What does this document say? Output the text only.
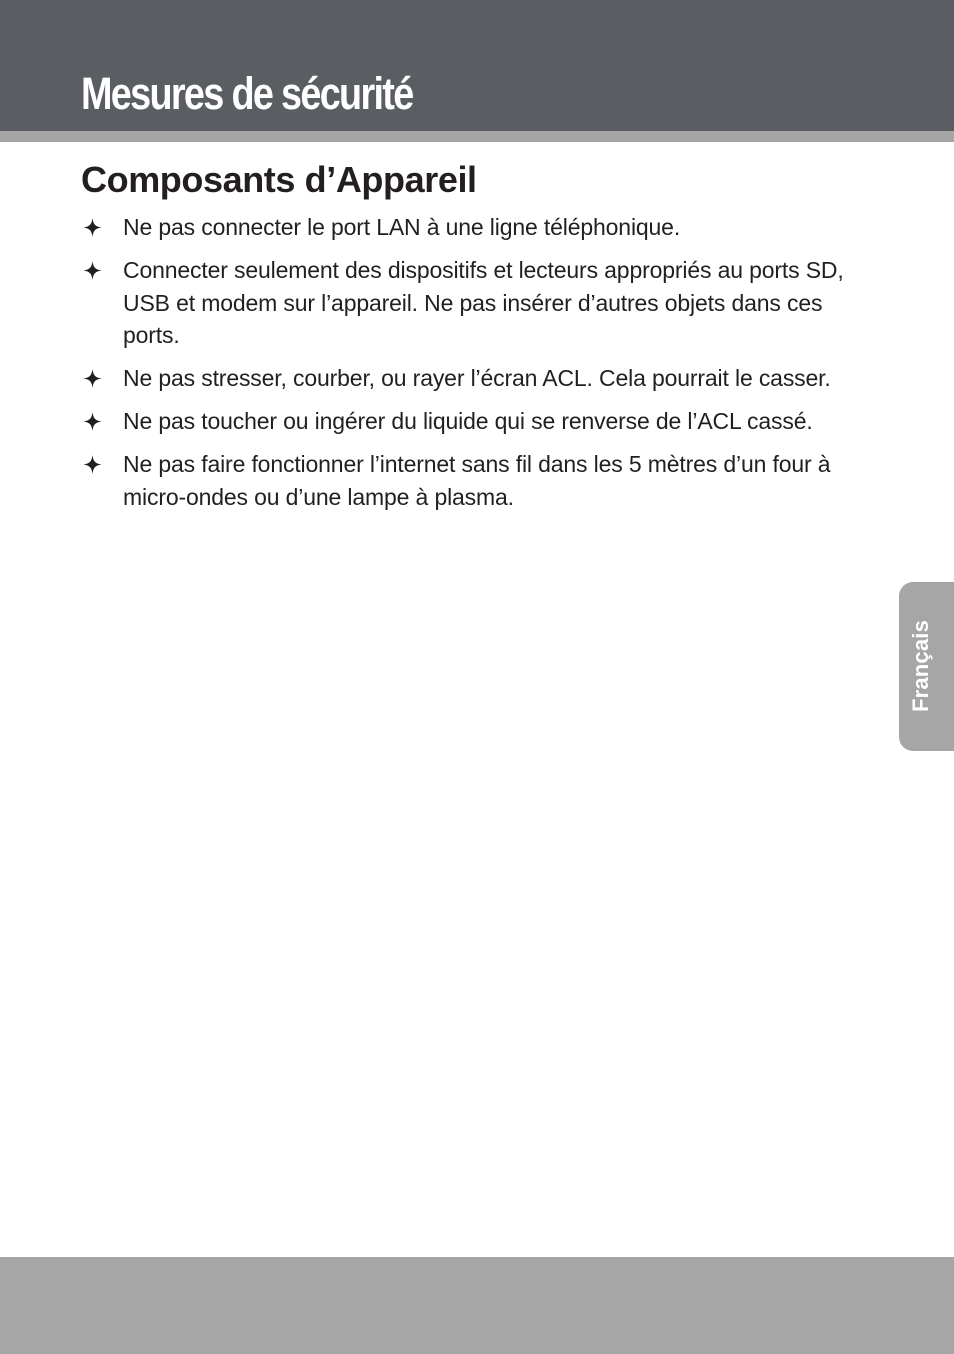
Mesures de sécurité
Composants d’Appareil
Ne pas connecter le port LAN à une ligne téléphonique.
Connecter seulement des dispositifs et lecteurs appropriés au ports SD, USB et modem sur l’appareil. Ne pas insérer d’autres objets dans ces ports.
Ne pas stresser, courber, ou rayer l’écran ACL. Cela pourrait le casser.
Ne pas toucher ou ingérer du liquide qui se renverse de l’ACL cassé.
Ne pas faire fonctionner l’internet sans fil dans les 5 mètres d’un four à micro-ondes ou d’une lampe à plasma.
Français
